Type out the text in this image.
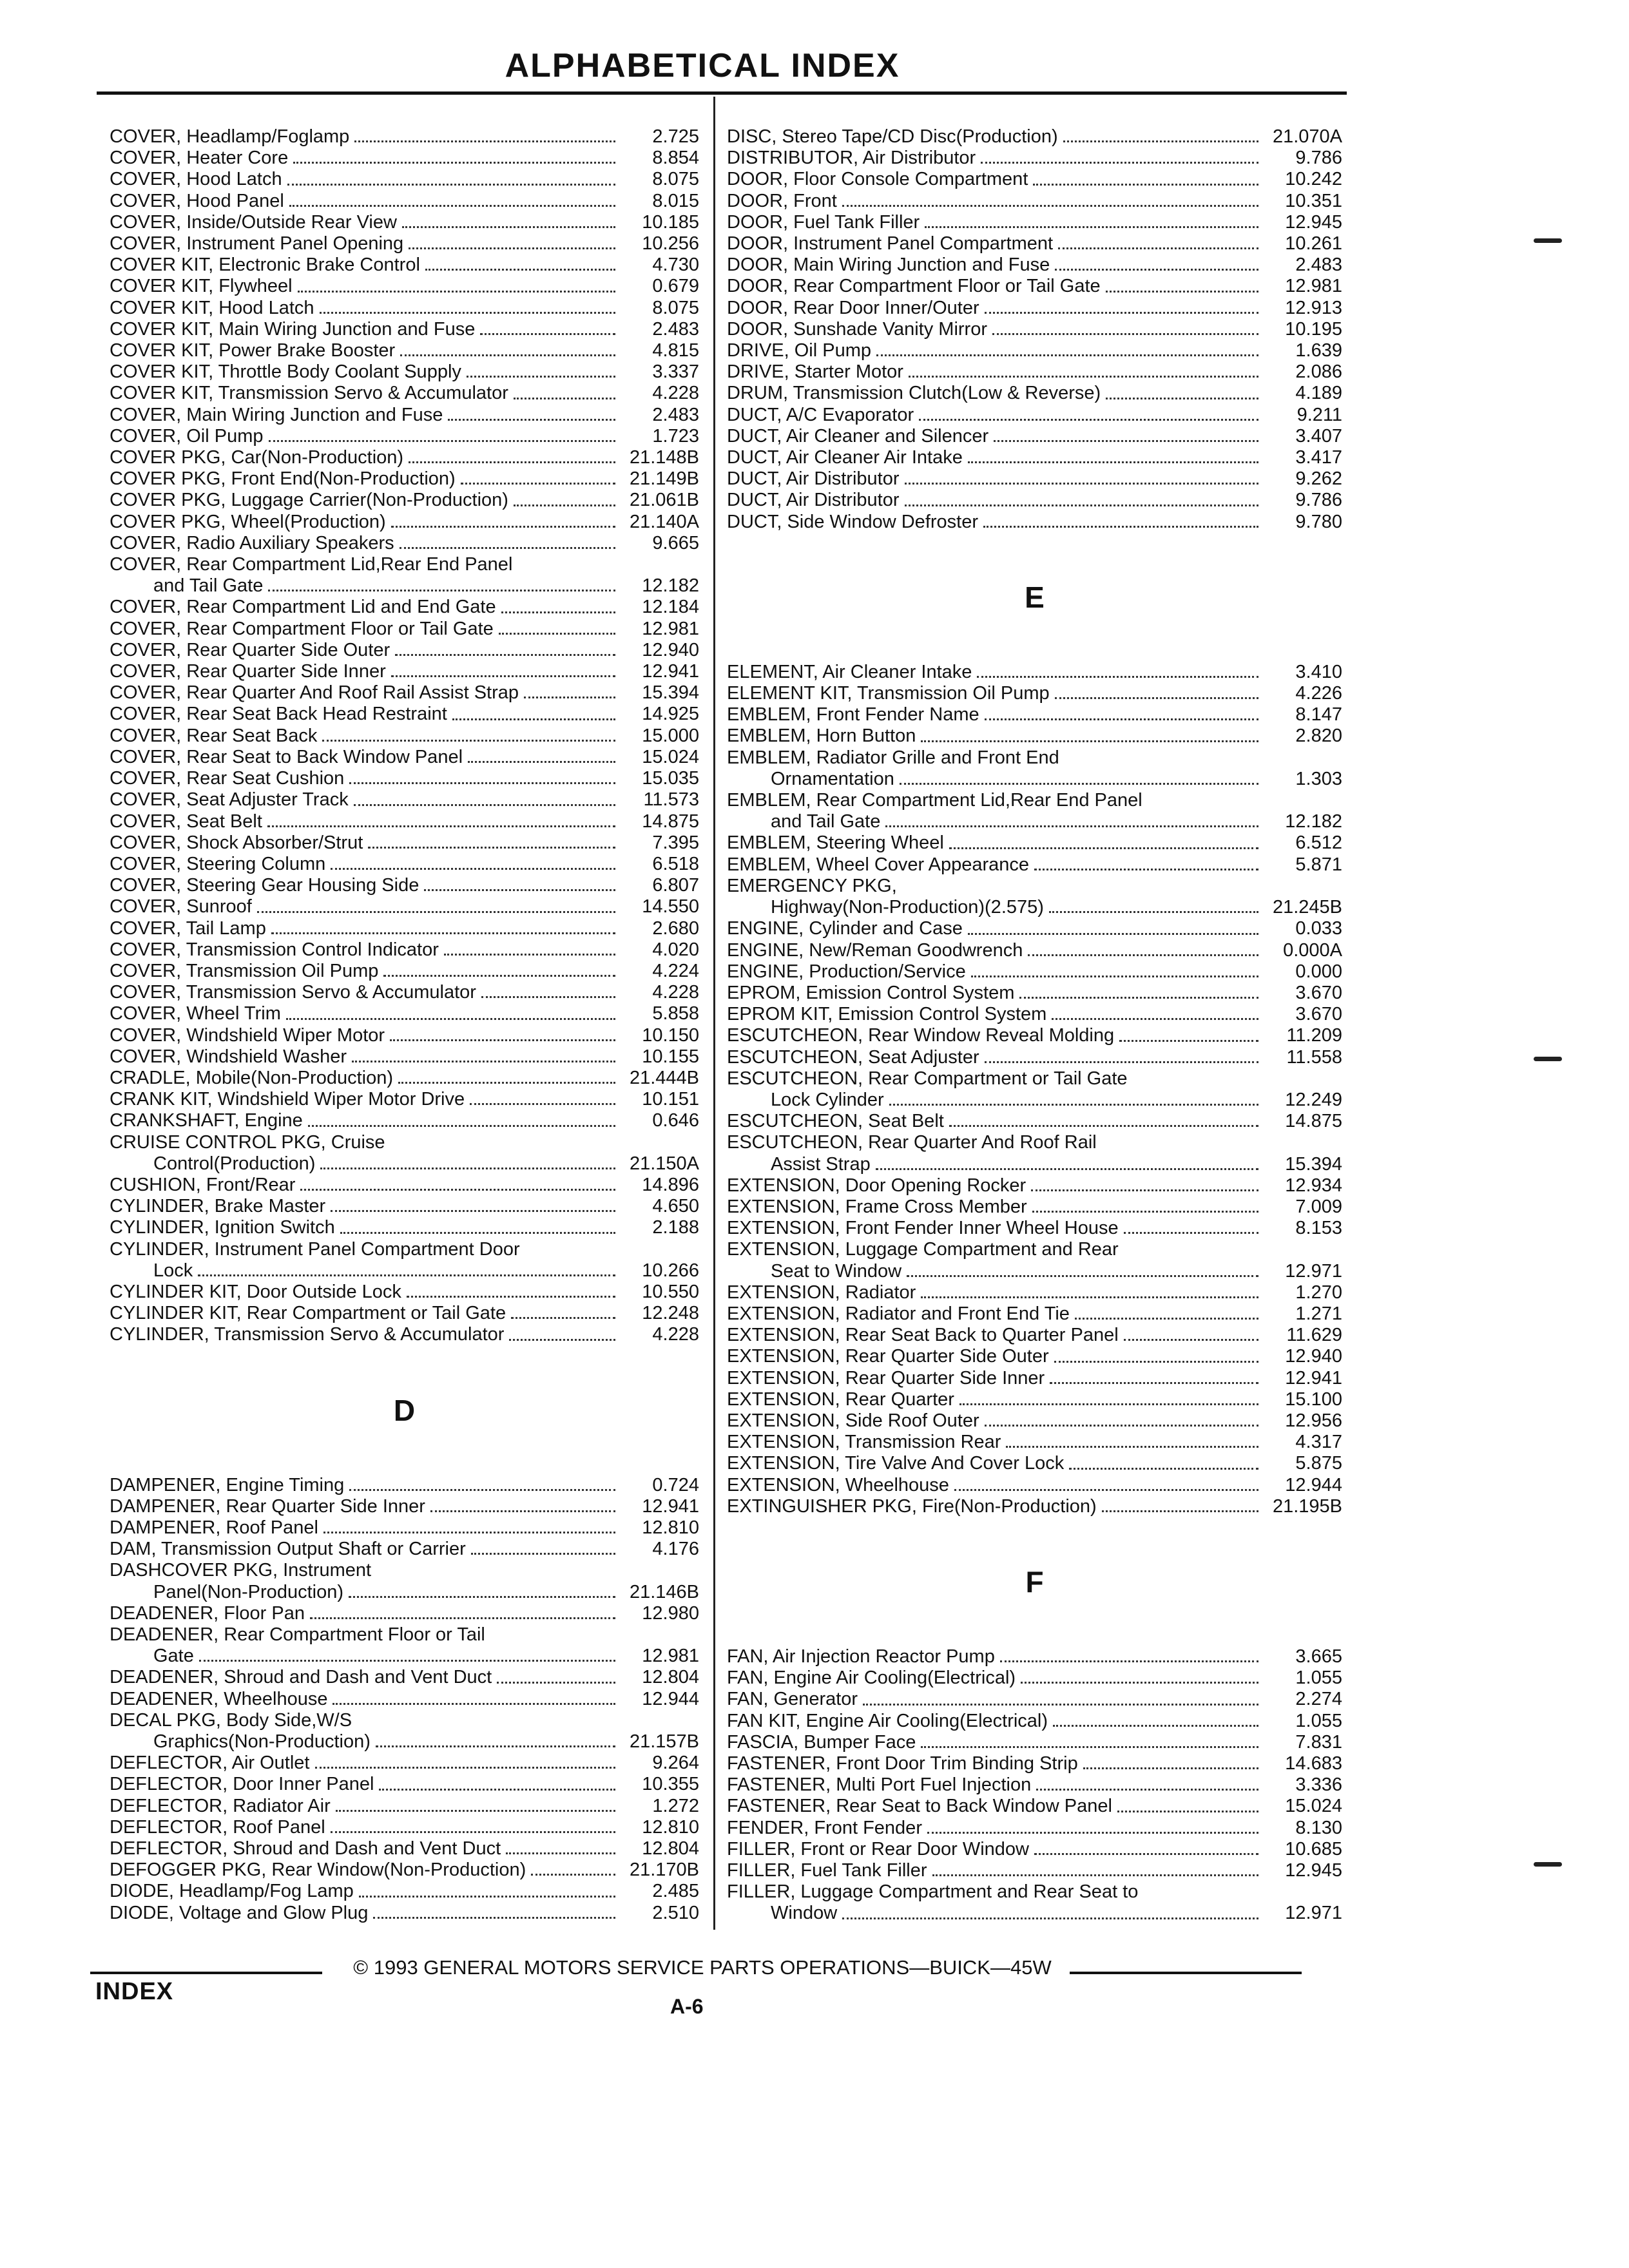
ALPHABETICAL INDEX
COVER, Headlamp/Foglamp	2.725
COVER, Heater Core	8.854
COVER, Hood Latch	8.075
COVER, Hood Panel	8.015
COVER, Inside/Outside Rear View	10.185
COVER, Instrument Panel Opening	10.256
COVER KIT, Electronic Brake Control	4.730
COVER KIT, Flywheel	0.679
COVER KIT, Hood Latch	8.075
COVER KIT, Main Wiring Junction and Fuse	2.483
COVER KIT, Power Brake Booster	4.815
COVER KIT, Throttle Body Coolant Supply	3.337
COVER KIT, Transmission Servo & Accumulator	4.228
COVER, Main Wiring Junction and Fuse	2.483
COVER, Oil Pump	1.723
COVER PKG, Car(Non-Production)	21.148B
COVER PKG, Front End(Non-Production)	21.149B
COVER PKG, Luggage Carrier(Non-Production)	21.061B
COVER PKG, Wheel(Production)	21.140A
COVER, Radio Auxiliary Speakers	9.665
COVER, Rear Compartment Lid,Rear End Panel
and Tail Gate	12.182
COVER, Rear Compartment Lid and End Gate	12.184
COVER, Rear Compartment Floor or Tail Gate	12.981
COVER, Rear Quarter Side Outer	12.940
COVER, Rear Quarter Side Inner	12.941
COVER, Rear Quarter And Roof Rail Assist Strap	15.394
COVER, Rear Seat Back Head Restraint	14.925
COVER, Rear Seat Back	15.000
COVER, Rear Seat to Back Window Panel	15.024
COVER, Rear Seat Cushion	15.035
COVER, Seat Adjuster Track	11.573
COVER, Seat Belt	14.875
COVER, Shock Absorber/Strut	7.395
COVER, Steering Column	6.518
COVER, Steering Gear Housing Side	6.807
COVER, Sunroof	14.550
COVER, Tail Lamp	2.680
COVER, Transmission Control Indicator	4.020
COVER, Transmission Oil Pump	4.224
COVER, Transmission Servo & Accumulator	4.228
COVER, Wheel Trim	5.858
COVER, Windshield Wiper Motor	10.150
COVER, Windshield Washer	10.155
CRADLE, Mobile(Non-Production)	21.444B
CRANK KIT, Windshield Wiper Motor Drive	10.151
CRANKSHAFT, Engine	0.646
CRUISE CONTROL PKG, Cruise
Control(Production)	21.150A
CUSHION, Front/Rear	14.896
CYLINDER, Brake Master	4.650
CYLINDER, Ignition Switch	2.188
CYLINDER, Instrument Panel Compartment Door
Lock	10.266
CYLINDER KIT, Door Outside Lock	10.550
CYLINDER KIT, Rear Compartment or Tail Gate	12.248
CYLINDER, Transmission Servo & Accumulator	4.228
D
DAMPENER, Engine Timing	0.724
DAMPENER, Rear Quarter Side Inner	12.941
DAMPENER, Roof Panel	12.810
DAM, Transmission Output Shaft or Carrier	4.176
DASHCOVER PKG, Instrument
Panel(Non-Production)	21.146B
DEADENER, Floor Pan	12.980
DEADENER, Rear Compartment Floor or Tail
Gate	12.981
DEADENER, Shroud and Dash and Vent Duct	12.804
DEADENER, Wheelhouse	12.944
DECAL PKG, Body Side,W/S
Graphics(Non-Production)	21.157B
DEFLECTOR, Air Outlet	9.264
DEFLECTOR, Door Inner Panel	10.355
DEFLECTOR, Radiator Air	1.272
DEFLECTOR, Roof Panel	12.810
DEFLECTOR, Shroud and Dash and Vent Duct	12.804
DEFOGGER PKG, Rear Window(Non-Production)	21.170B
DIODE, Headlamp/Fog Lamp	2.485
DIODE, Voltage and Glow Plug	2.510
DISC, Stereo Tape/CD Disc(Production)	21.070A
DISTRIBUTOR, Air Distributor	9.786
DOOR, Floor Console Compartment	10.242
DOOR, Front	10.351
DOOR, Fuel Tank Filler	12.945
DOOR, Instrument Panel Compartment	10.261
DOOR, Main Wiring Junction and Fuse	2.483
DOOR, Rear Compartment Floor or Tail Gate	12.981
DOOR, Rear Door Inner/Outer	12.913
DOOR, Sunshade Vanity Mirror	10.195
DRIVE, Oil Pump	1.639
DRIVE, Starter Motor	2.086
DRUM, Transmission Clutch(Low & Reverse)	4.189
DUCT, A/C Evaporator	9.211
DUCT, Air Cleaner and Silencer	3.407
DUCT, Air Cleaner Air Intake	3.417
DUCT, Air Distributor	9.262
DUCT, Air Distributor	9.786
DUCT, Side Window Defroster	9.780
E
ELEMENT, Air Cleaner Intake	3.410
ELEMENT KIT, Transmission Oil Pump	4.226
EMBLEM, Front Fender Name	8.147
EMBLEM, Horn Button	2.820
EMBLEM, Radiator Grille and Front End
Ornamentation	1.303
EMBLEM, Rear Compartment Lid,Rear End Panel
and Tail Gate	12.182
EMBLEM, Steering Wheel	6.512
EMBLEM, Wheel Cover Appearance	5.871
EMERGENCY PKG,
Highway(Non-Production)(2.575)	21.245B
ENGINE, Cylinder and Case	0.033
ENGINE, New/Reman Goodwrench	0.000A
ENGINE, Production/Service	0.000
EPROM, Emission Control System	3.670
EPROM KIT, Emission Control System	3.670
ESCUTCHEON, Rear Window Reveal Molding	11.209
ESCUTCHEON, Seat Adjuster	11.558
ESCUTCHEON, Rear Compartment or Tail Gate
Lock Cylinder	12.249
ESCUTCHEON, Seat Belt	14.875
ESCUTCHEON, Rear Quarter And Roof Rail
Assist Strap	15.394
EXTENSION, Door Opening Rocker	12.934
EXTENSION, Frame Cross Member	7.009
EXTENSION, Front Fender Inner Wheel House	8.153
EXTENSION, Luggage Compartment and Rear
Seat to Window	12.971
EXTENSION, Radiator	1.270
EXTENSION, Radiator and Front End Tie	1.271
EXTENSION, Rear Seat Back to Quarter Panel	11.629
EXTENSION, Rear Quarter Side Outer	12.940
EXTENSION, Rear Quarter Side Inner	12.941
EXTENSION, Rear Quarter	15.100
EXTENSION, Side Roof Outer	12.956
EXTENSION, Transmission Rear	4.317
EXTENSION, Tire Valve And Cover Lock	5.875
EXTENSION, Wheelhouse	12.944
EXTINGUISHER PKG, Fire(Non-Production)	21.195B
F
FAN, Air Injection Reactor Pump	3.665
FAN, Engine Air Cooling(Electrical)	1.055
FAN, Generator	2.274
FAN KIT, Engine Air Cooling(Electrical)	1.055
FASCIA, Bumper Face	7.831
FASTENER, Front Door Trim Binding Strip	14.683
FASTENER, Multi Port Fuel Injection	3.336
FASTENER, Rear Seat to Back Window Panel	15.024
FENDER, Front Fender	8.130
FILLER, Front or Rear Door Window	10.685
FILLER, Fuel Tank Filler	12.945
FILLER, Luggage Compartment and Rear Seat to
Window	12.971
© 1993 GENERAL MOTORS SERVICE PARTS OPERATIONS—BUICK—45W
INDEX
A-6
